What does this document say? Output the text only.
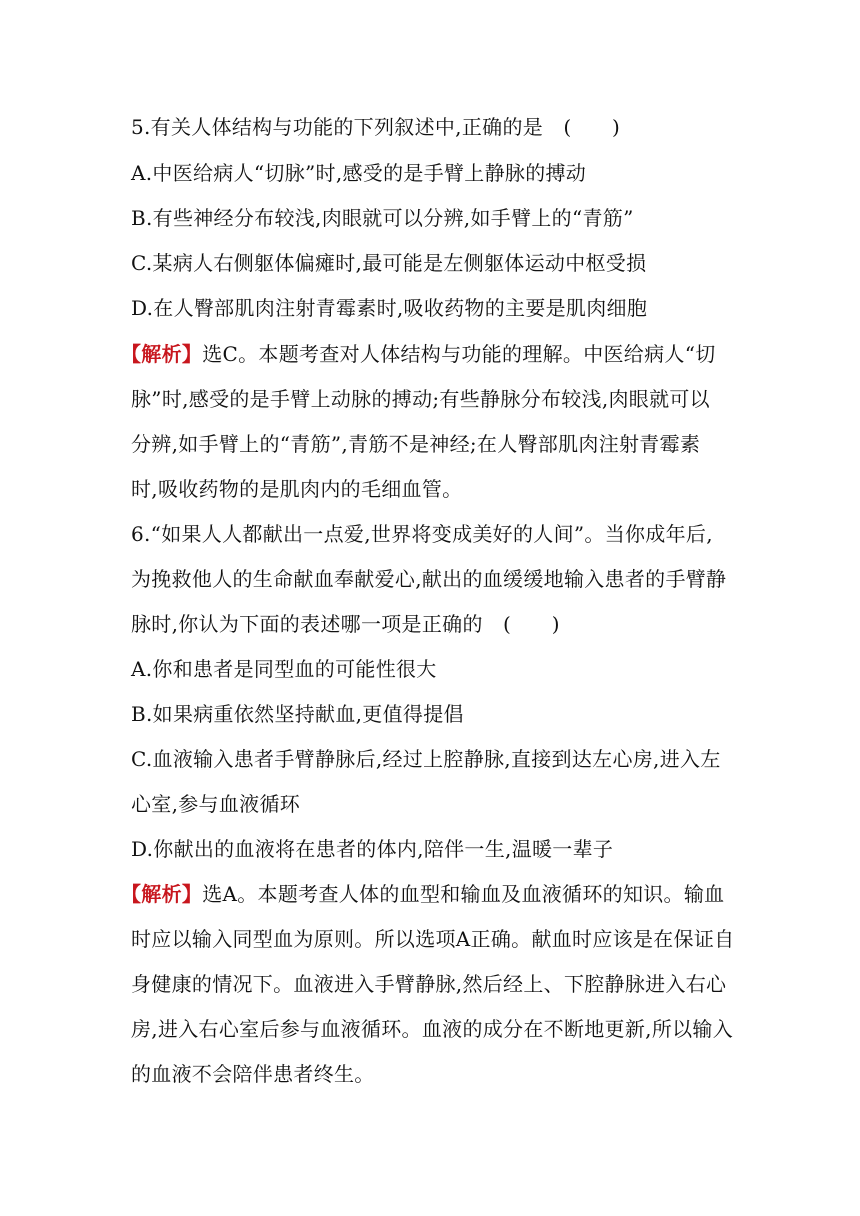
5.有关人体结构与功能的下列叙述中,正确的是　(　　)
A.中医给病人“切脉”时,感受的是手臂上静脉的搏动
B.有些神经分布较浅,肉眼就可以分辨,如手臂上的“青筋”
C.某病人右侧躯体偏瘫时,最可能是左侧躯体运动中枢受损
D.在人臀部肌肉注射青霉素时,吸收药物的主要是肌肉细胞
【解析】选C。本题考查对人体结构与功能的理解。中医给病人“切
脉”时,感受的是手臂上动脉的搏动;有些静脉分布较浅,肉眼就可以
分辨,如手臂上的“青筋”,青筋不是神经;在人臀部肌肉注射青霉素
时,吸收药物的是肌肉内的毛细血管。
6.“如果人人都献出一点爱,世界将变成美好的人间”。当你成年后,
为挽救他人的生命献血奉献爱心,献出的血缓缓地输入患者的手臂静
脉时,你认为下面的表述哪一项是正确的　(　　)
A.你和患者是同型血的可能性很大
B.如果病重依然坚持献血,更值得提倡
C.血液输入患者手臂静脉后,经过上腔静脉,直接到达左心房,进入左
心室,参与血液循环
D.你献出的血液将在患者的体内,陪伴一生,温暖一辈子
【解析】选A。本题考查人体的血型和输血及血液循环的知识。输血
时应以输入同型血为原则。所以选项A正确。献血时应该是在保证自
身健康的情况下。血液进入手臂静脉,然后经上、下腔静脉进入右心
房,进入右心室后参与血液循环。血液的成分在不断地更新,所以输入
的血液不会陪伴患者终生。
